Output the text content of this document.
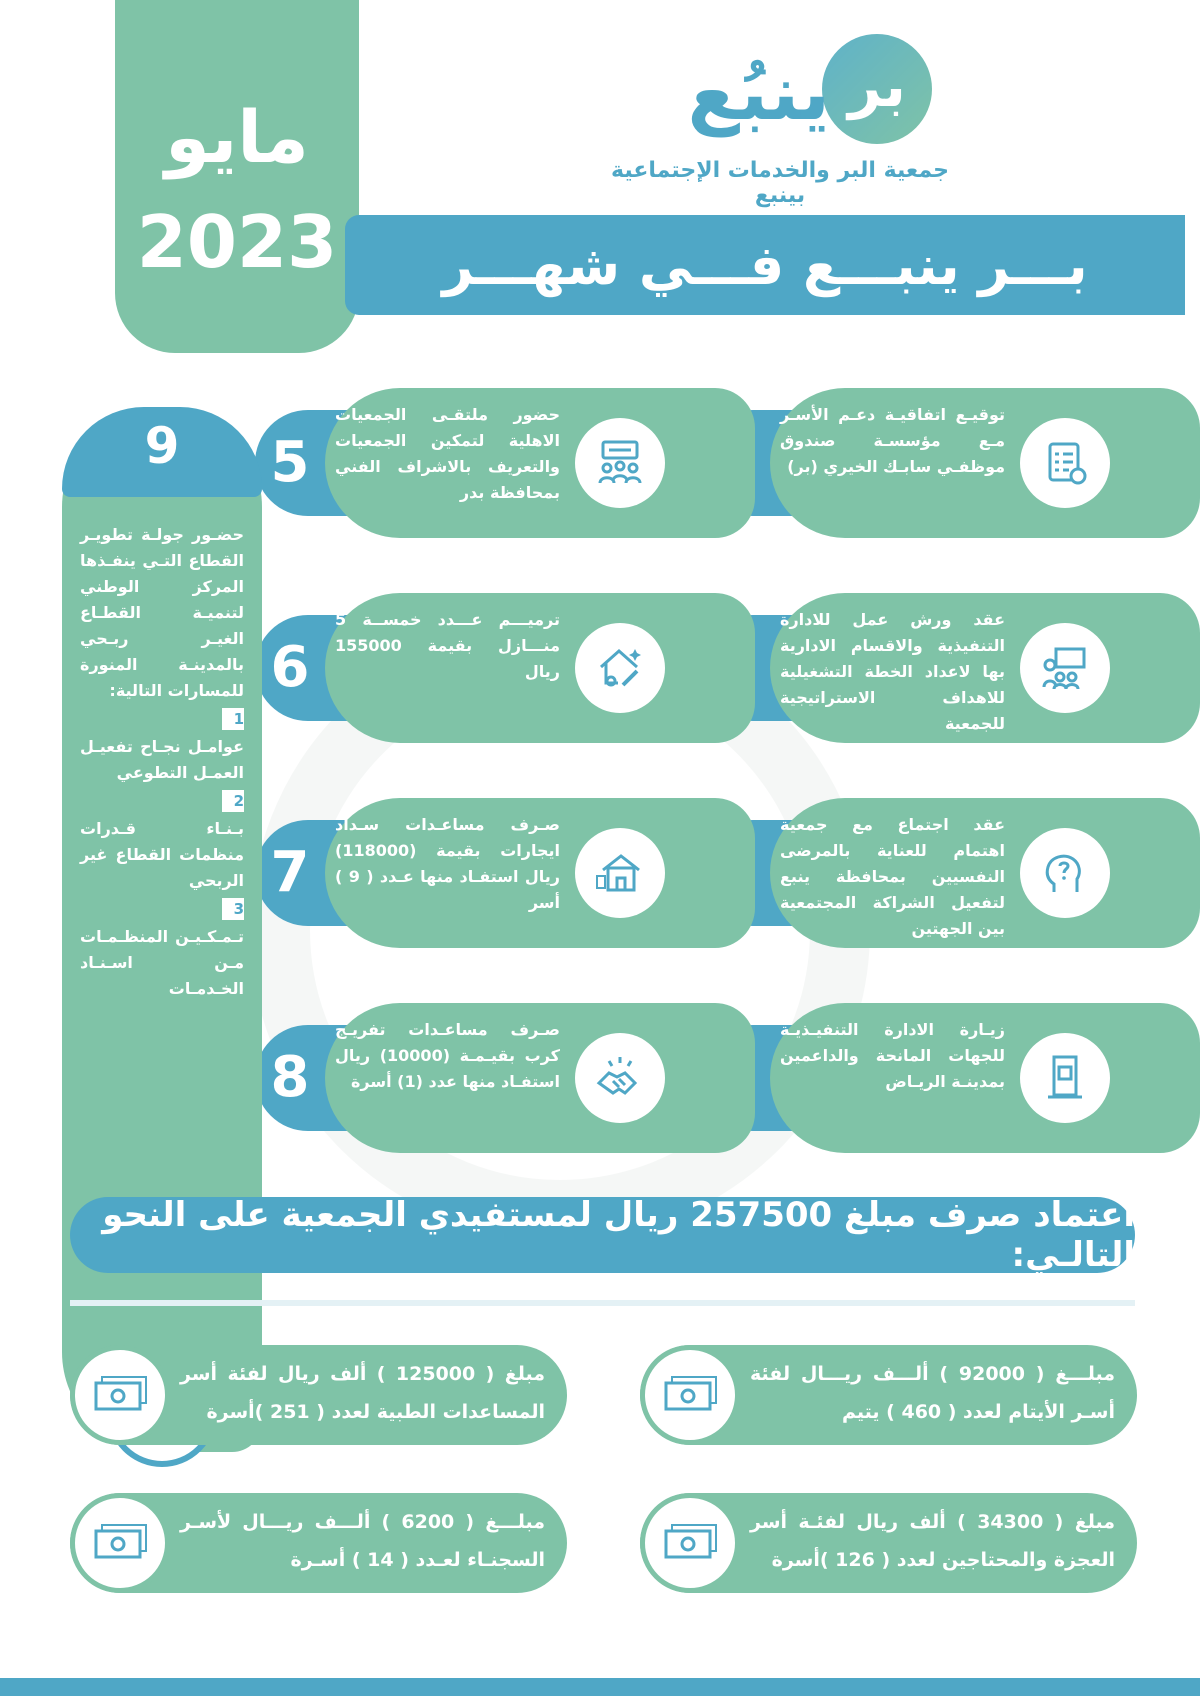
مايو
2023
بر
ينبُع
جمعية البر والخدمات الإجتماعية بينبع
بـــر ينبـــع فـــي شهـــر
توقيـع اتفاقيـة دعـم الأسـر مـع مؤسسـة صندوق موظفـي سابـك الخيري (بر)
عقد ورش عمل للادارة التنفيذية والاقسام الادارية بها لاعداد الخطة التشغيلية للاهداف الاستراتيجية للجمعية
عقد اجتماع مع جمعية اهتمام للعناية بالمرضى النفسيين بمحافظة ينبع لتفعيل الشراكة المجتمعية بين الجهتين
زيـارة الادارة التنفيـذيـة للجهات المانحة والداعمين بمدينـة الريـاض
5
حضور ملتقـى الجمعيات الاهلية لتمكين الجمعيات والتعريف بالاشراف الفني بمحافظة بدر
6
ترميـــم عـــدد خمســة 5 منـــازل بقيمة 155000 ريال
7
صـرف مساعـدات سـداد ايجارات بقيمة (118000) ريال استفـاد منها عـدد ( 9 ) أسر
8
صـرف مساعـدات تفريـج كرب بقيـمـة (10000) ريال استفـاد منها عدد (1) أسرة
9
حضـور جولـة تطويـر القطاع التـي ينفـذها المركز الوطني لتنميـة القطـاع الغيـر ربـحي بالمدينـة المنورة للمسارات التالية:
1
عوامـل نجـاح تفعيـل العمـل التطوعي
2
بـنـاء قـدرات منظمات القطاع غير الربحي
3
تـمـكـيـن المنظـمـات مـن اسـنـاد الخـدمـات
اعتماد صرف مبلغ 257500 ريال لمستفيدي الجمعية على النحو التالـي:
مبلـــغ ( 92000 ) ألـــف ريـــال لفئة أسـر الأيتام لعدد ( 460 ) يتيم
مبلغ ( 125000 ) ألف ريال لفئة أسر المساعدات الطبية لعدد ( 251 )أسرة
مبلغ ( 34300 ) ألف ريال لفئـة أسر العجزة والمحتاجين لعدد ( 126 )أسرة
مبلـــغ ( 6200 ) ألـــف ريـــال لأسـر السجنـاء لعـدد ( 14 ) أسـرة
